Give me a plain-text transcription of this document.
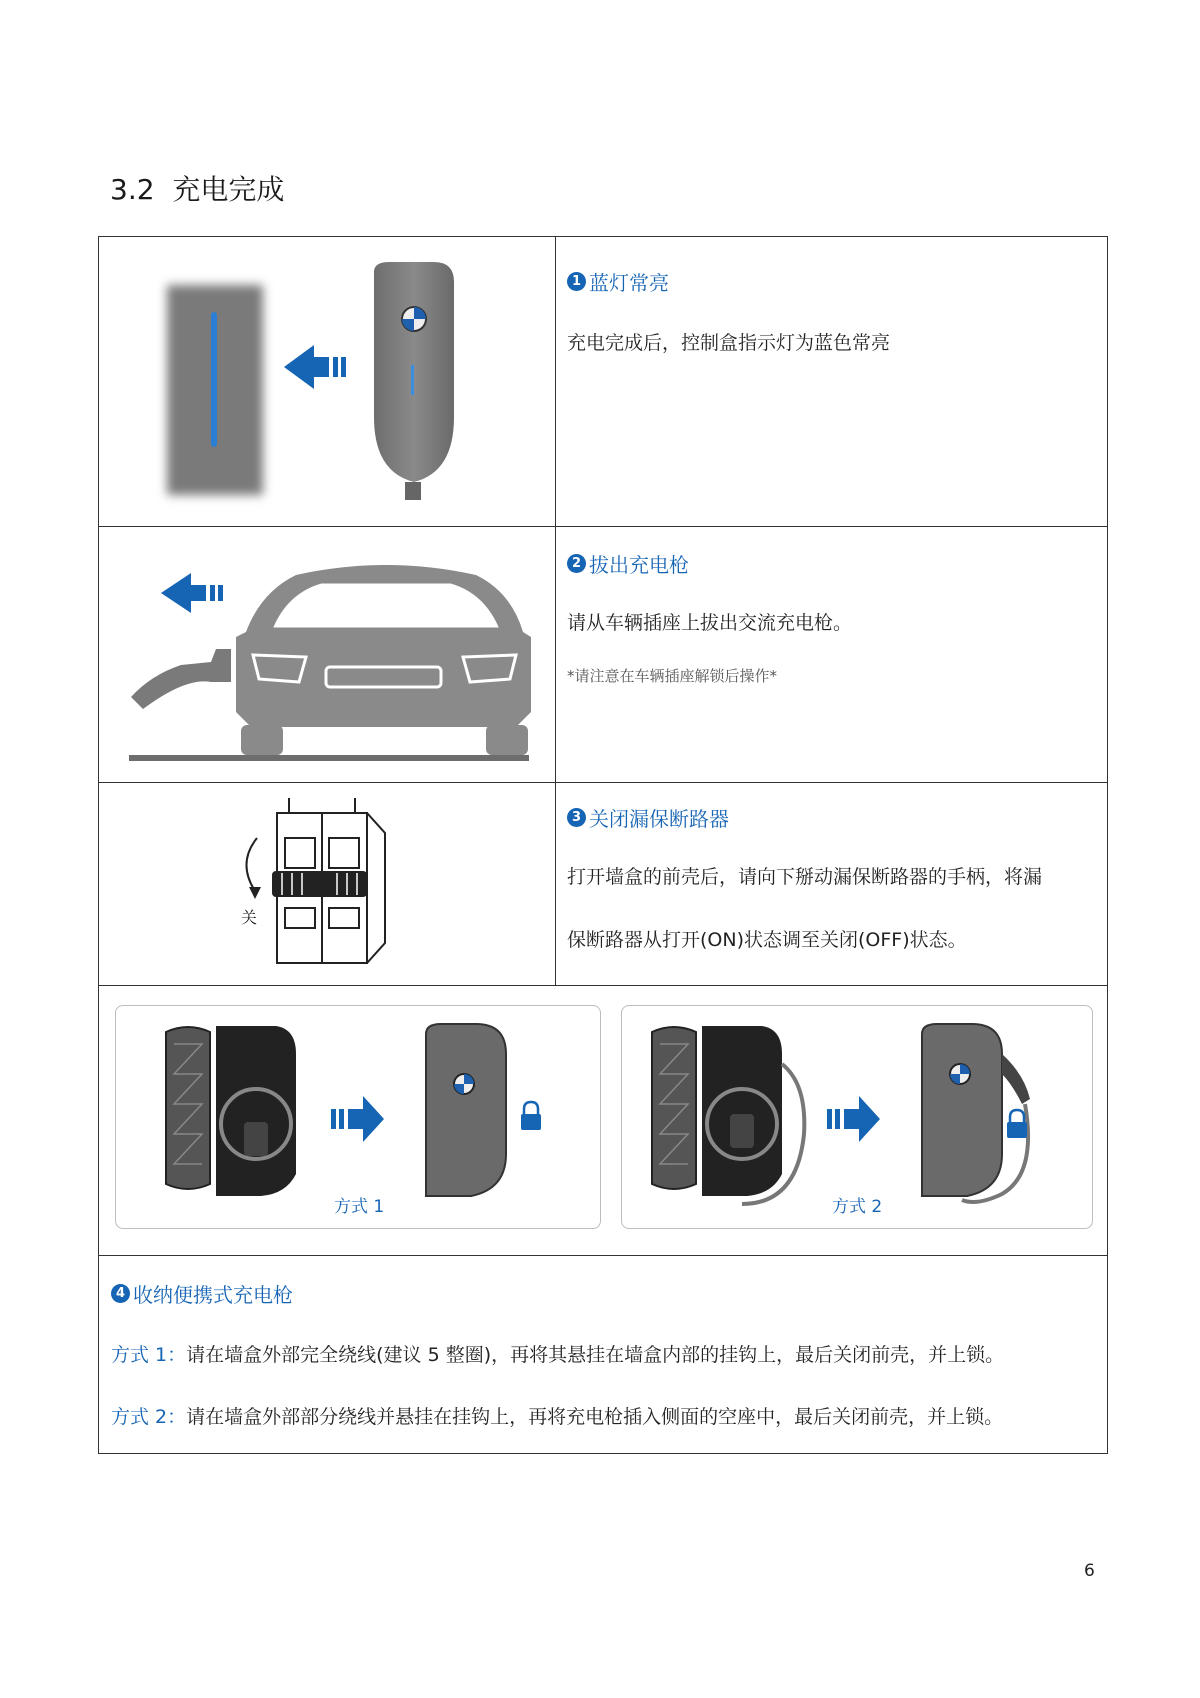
3.2 充电完成
1 蓝灯常亮
充电完成后，控制盒指示灯为蓝色常亮
2 拔出充电枪
请从车辆插座上拔出交流充电枪。
*请注意在车辆插座解锁后操作*
关
3 关闭漏保断路器
打开墙盒的前壳后，请向下掰动漏保断路器的手柄，将漏
保断路器从打开(ON)状态调至关闭(OFF)状态。
方式 1	方式 2
4 收纳便携式充电枪
方式 1：请在墙盒外部完全绕线(建议 5 整圈)，再将其悬挂在墙盒内部的挂钩上，最后关闭前壳，并上锁。
方式 2：请在墙盒外部部分绕线并悬挂在挂钩上，再将充电枪插入侧面的空座中，最后关闭前壳，并上锁。
6
